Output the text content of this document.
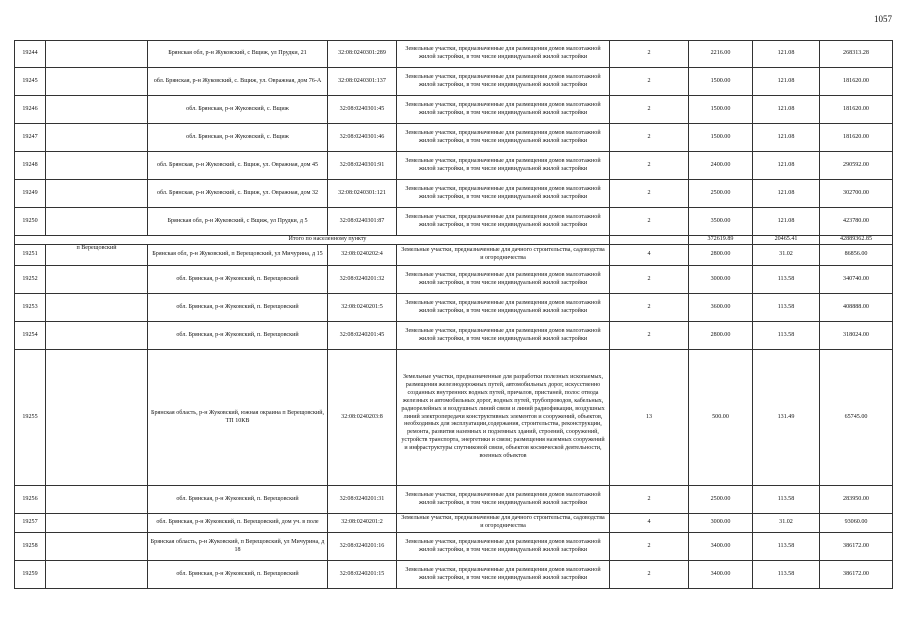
1057
19244		Брянская обл, р-н Жуковский, с Вщиж, ул Прудки, 21	32:08:0240301:289	Земельные участки, предназначенные для размещения домов малоэтажной жилой застройки, в том числе индивидуальной жилой застройки	2	2216.00	121.08	268313.28
19245		обл. Брянская, р-н Жуковский, с. Вщиж, ул. Овражная, дом 76-А	32:08:0240301:137	Земельные участки, предназначенные для размещения домов малоэтажной жилой застройки, в том числе индивидуальной жилой застройки	2	1500.00	121.08	181620.00
19246		обл. Брянская, р-н Жуковский, с. Вщиж	32:08:0240301:45	Земельные участки, предназначенные для размещения домов малоэтажной жилой застройки, в том числе индивидуальной жилой застройки	2	1500.00	121.08	181620.00
19247		обл. Брянская, р-н Жуковский, с. Вщиж	32:08:0240301:46	Земельные участки, предназначенные для размещения домов малоэтажной жилой застройки, в том числе индивидуальной жилой застройки	2	1500.00	121.08	181620.00
19248		обл. Брянская, р-н Жуковский, с. Вщиж, ул. Овражная, дом 45	32:08:0240301:91	Земельные участки, предназначенные для размещения домов малоэтажной жилой застройки, в том числе индивидуальной жилой застройки	2	2400.00	121.08	290592.00
19249		обл. Брянская, р-н Жуковский, с. Вщиж, ул. Овражная, дом 32	32:08:0240301:121	Земельные участки, предназначенные для размещения домов малоэтажной жилой застройки, в том числе индивидуальной жилой застройки	2	2500.00	121.08	302700.00
19250		Брянская обл, р-н Жуковский, с Вщиж, ул Прудки, д 5	32:08:0240301:87	Земельные участки, предназначенные для размещения домов малоэтажной жилой застройки, в том числе индивидуальной жилой застройки	2	3500.00	121.08	423780.00
Итого по населенному пункту						372619.89	20465.41	42889362.85
19251	п Верещовский	Брянская обл, р-н Жуковский, п Верещовский, ул Мичурина, д 15	32:08:0240202:4	Земельные участки, предназначенные для дачного строительства, садоводства и огородничества	4	2800.00	31.02	86856.00
19252		обл. Брянская, р-н Жуковский, п. Верещовский	32:08:0240201:32	Земельные участки, предназначенные для размещения домов малоэтажной жилой застройки, в том числе индивидуальной жилой застройки	2	3000.00	113.58	340740.00
19253		обл. Брянская, р-н Жуковский, п. Верещовский	32:08:0240201:5	Земельные участки, предназначенные для размещения домов малоэтажной жилой застройки, в том числе индивидуальной жилой застройки	2	3600.00	113.58	408888.00
19254		обл. Брянская, р-н Жуковский, п. Верещовский	32:08:0240201:45	Земельные участки, предназначенные для размещения домов малоэтажной жилой застройки, в том числе индивидуальной жилой застройки	2	2800.00	113.58	318024.00
19255		Брянская область, р-н Жуковский, южная окраина п Верещовский, ТП 10КВ	32:08:0240203:8	Земельные участки, предназначенные для разработки полезных ископаемых, размещения железнодорожных путей, автомобильных дорог, искусственно созданных внутренних водных путей, причалов, пристаней, полос отвода железных и автомобильных дорог, водных путей, трубопроводов, кабельных, радиорелейных и воздушных линий связи и линий радиофикации, воздушных линий электропередачи конструктивных элементов и сооружений, объектов, необходимых для эксплуатации,содержания, строительства, реконструкции, ремонта, развития наземных и подземных зданий, строений, сооружений, устройств транспорта, энергетики и связи; размещения наземных сооружений и инфраструктуры спутниковой связи, объектов космической деятельности, военных объектов	13	500.00	131.49	65745.00
19256		обл. Брянская, р-н Жуковский, п. Верещовский	32:08:0240201:31	Земельные участки, предназначенные для размещения домов малоэтажной жилой застройки, в том числе индивидуальной жилой застройки	2	2500.00	113.58	283950.00
19257		обл. Брянская, р-н Жуковский, п. Верещовский, дом уч. в поле	32:08:0240201:2	Земельные участки, предназначенные для дачного строительства, садоводства и огородничества	4	3000.00	31.02	93060.00
19258		Брянская область, р-н Жуковский, п Верещовский, ул Мичурина, д 18	32:08:0240201:16	Земельные участки, предназначенные для размещения домов малоэтажной жилой застройки, в том числе индивидуальной жилой застройки	2	3400.00	113.58	386172.00
19259		обл. Брянская, р-н Жуковский, п. Верещовский	32:08:0240201:15	Земельные участки, предназначенные для размещения домов малоэтажной жилой застройки, в том числе индивидуальной жилой застройки	2	3400.00	113.58	386172.00
